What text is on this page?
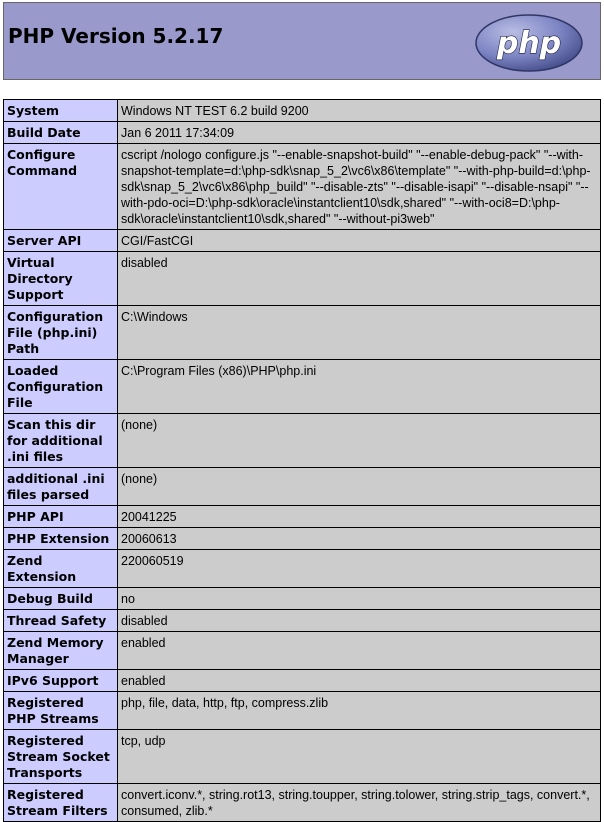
PHP Version 5.2.17	php
System	Windows NT TEST 6.2 build 9200
Build Date	Jan 6 2011 17:34:09
Configure Command	cscript /nologo configure.js "--enable-snapshot-build" "--enable-debug-pack" "--with-snapshot-template=d:\php-sdk\snap_5_2\vc6\x86\template" "--with-php-build=d:\php-sdk\snap_5_2\vc6\x86\php_build" "--disable-zts" "--disable-isapi" "--disable-nsapi" "--with-pdo-oci=D:\php-sdk\oracle\instantclient10\sdk,shared" "--with-oci8=D:\php-sdk\oracle\instantclient10\sdk,shared" "--without-pi3web"
Server API	CGI/FastCGI
Virtual Directory Support	disabled
Configuration File (php.ini) Path	C:\Windows
Loaded Configuration File	C:\Program Files (x86)\PHP\php.ini
Scan this dir for additional .ini files	(none)
additional .ini files parsed	(none)
PHP API	20041225
PHP Extension	20060613
Zend Extension	220060519
Debug Build	no
Thread Safety	disabled
Zend Memory Manager	enabled
IPv6 Support	enabled
Registered PHP Streams	php, file, data, http, ftp, compress.zlib
Registered Stream Socket Transports	tcp, udp
Registered Stream Filters	convert.iconv.*, string.rot13, string.toupper, string.tolower, string.strip_tags, convert.*, consumed, zlib.*
